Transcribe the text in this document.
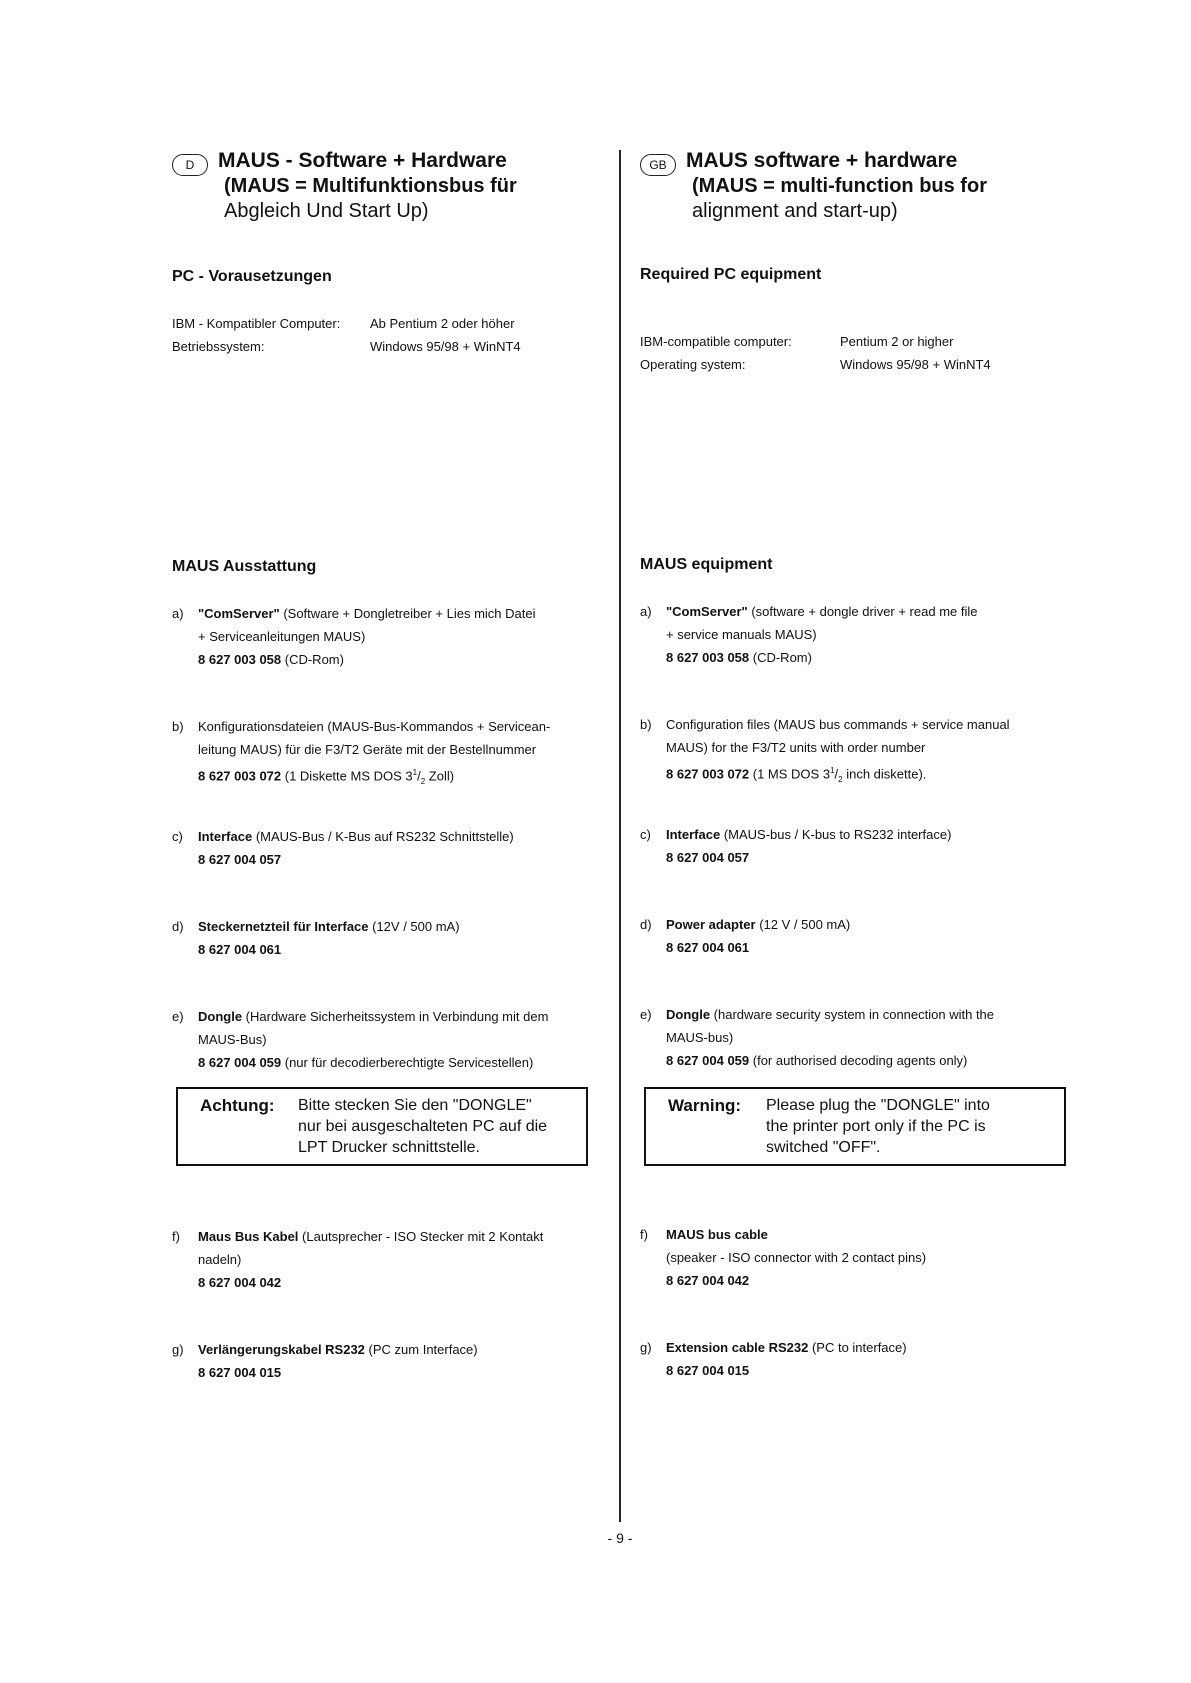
D	MAUS - Software + Hardware
(MAUS = Multifunktionsbus für
Abgleich Und Start Up)
PC - Vorausetzungen
IBM - Kompatibler Computer:	Ab Pentium 2 oder höher
Betriebssystem:	Windows 95/98 + WinNT4
MAUS Ausstattung
a) "ComServer" (Software + Dongletreiber + Lies mich Datei
+ Serviceanleitungen MAUS)
8 627 003 058 (CD-Rom)
b) Konfigurationsdateien (MAUS-Bus-Kommandos + Servicean-
leitung MAUS) für die F3/T2 Geräte mit der Bestellnummer
8 627 003 072 (1 Diskette MS DOS $3^1/_2$ Zoll)
c) Interface (MAUS-Bus / K-Bus auf RS232 Schnittstelle)
8 627 004 057
d) Steckernetzteil für Interface (12V / 500 mA)
8 627 004 061
e) Dongle (Hardware Sicherheitssystem in Verbindung mit dem
MAUS-Bus)
8 627 004 059 (nur für decodierberechtigte Servicestellen)
Achtung:	Bitte stecken Sie den "DONGLE"
nur bei ausgeschalteten PC auf die
LPT Drucker schnittstelle.
f) Maus Bus Kabel (Lautsprecher - ISO Stecker mit 2 Kontakt
nadeln)
8 627 004 042
g) Verlängerungskabel RS232 (PC zum Interface)
8 627 004 015
GB MAUS software + hardware
(MAUS = multi-function bus for
alignment and start-up)
Required PC equipment
IBM-compatible computer:	Pentium 2 or higher
Operating system:	Windows 95/98 + WinNT4
MAUS equipment
a) "ComServer" (software + dongle driver + read me file
+ service manuals MAUS)
8 627 003 058 (CD-Rom)
b) Configuration files (MAUS bus commands + service manual
MAUS) for the F3/T2 units with order number
8 627 003 072 (1 MS DOS $3^1/_2$ inch diskette).
c) Interface (MAUS-bus / K-bus to RS232 interface)
8 627 004 057
d) Power adapter (12 V / 500 mA)
8 627 004 061
e) Dongle (hardware security system in connection with the
MAUS-bus)
8 627 004 059 (for authorised decoding agents only)
Warning:	Please plug the "DONGLE" into
the printer port only if the PC is
switched "OFF".
f) MAUS bus cable
(speaker - ISO connector with 2 contact pins)
8 627 004 042
g) Extension cable RS232 (PC to interface)
8 627 004 015
- 9 -
